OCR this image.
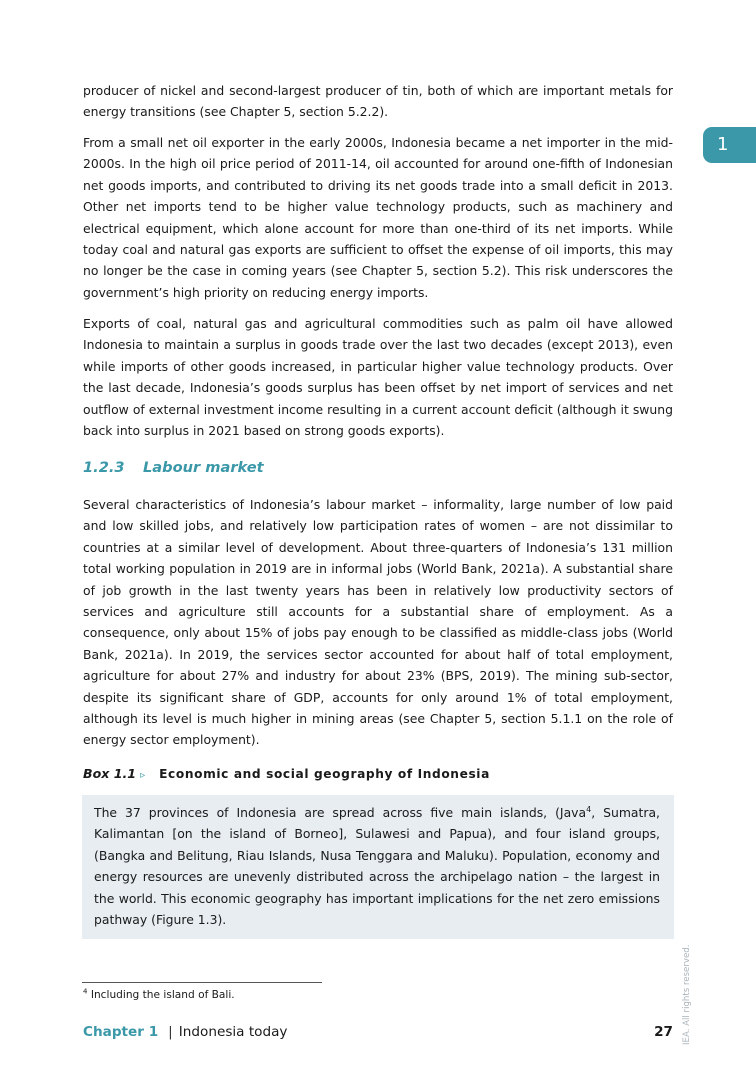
1

producer of nickel and second-largest producer of tin, both of which are important metals for energy transitions (see Chapter 5, section 5.2.2).

From a small net oil exporter in the early 2000s, Indonesia became a net importer in the mid-2000s. In the high oil price period of 2011-14, oil accounted for around one-fifth of Indonesian net goods imports, and contributed to driving its net goods trade into a small deficit in 2013. Other net imports tend to be higher value technology products, such as machinery and electrical equipment, which alone account for more than one-third of its net imports. While today coal and natural gas exports are sufficient to offset the expense of oil imports, this may no longer be the case in coming years (see Chapter 5, section 5.2). This risk underscores the government’s high priority on reducing energy imports.

Exports of coal, natural gas and agricultural commodities such as palm oil have allowed Indonesia to maintain a surplus in goods trade over the last two decades (except 2013), even while imports of other goods increased, in particular higher value technology products. Over the last decade, Indonesia’s goods surplus has been offset by net import of services and net outflow of external investment income resulting in a current account deficit (although it swung back into surplus in 2021 based on strong goods exports).

1.2.3 Labour market

Several characteristics of Indonesia’s labour market – informality, large number of low paid and low skilled jobs, and relatively low participation rates of women – are not dissimilar to countries at a similar level of development. About three-quarters of Indonesia’s 131 million total working population in 2019 are in informal jobs (World Bank, 2021a). A substantial share of job growth in the last twenty years has been in relatively low productivity sectors of services and agriculture still accounts for a substantial share of employment. As a consequence, only about 15% of jobs pay enough to be classified as middle-class jobs (World Bank, 2021a). In 2019, the services sector accounted for about half of total employment, agriculture for about 27% and industry for about 23% (BPS, 2019). The mining sub-sector, despite its significant share of GDP, accounts for only around 1% of total employment, although its level is much higher in mining areas (see Chapter 5, section 5.1.1 on the role of energy sector employment).

Box 1.1 ▹ Economic and social geography of Indonesia

The 37 provinces of Indonesia are spread across five main islands, (Java$^4$, Sumatra, Kalimantan [on the island of Borneo], Sulawesi and Papua), and four island groups, (Bangka and Belitung, Riau Islands, Nusa Tenggara and Maluku). Population, economy and energy resources are unevenly distributed across the archipelago nation – the largest in the world. This economic geography has important implications for the net zero emissions pathway (Figure 1.3).

$^4$ Including the island of Bali.

Chapter 1 | Indonesia today	27 IEA. All rights reserved.
